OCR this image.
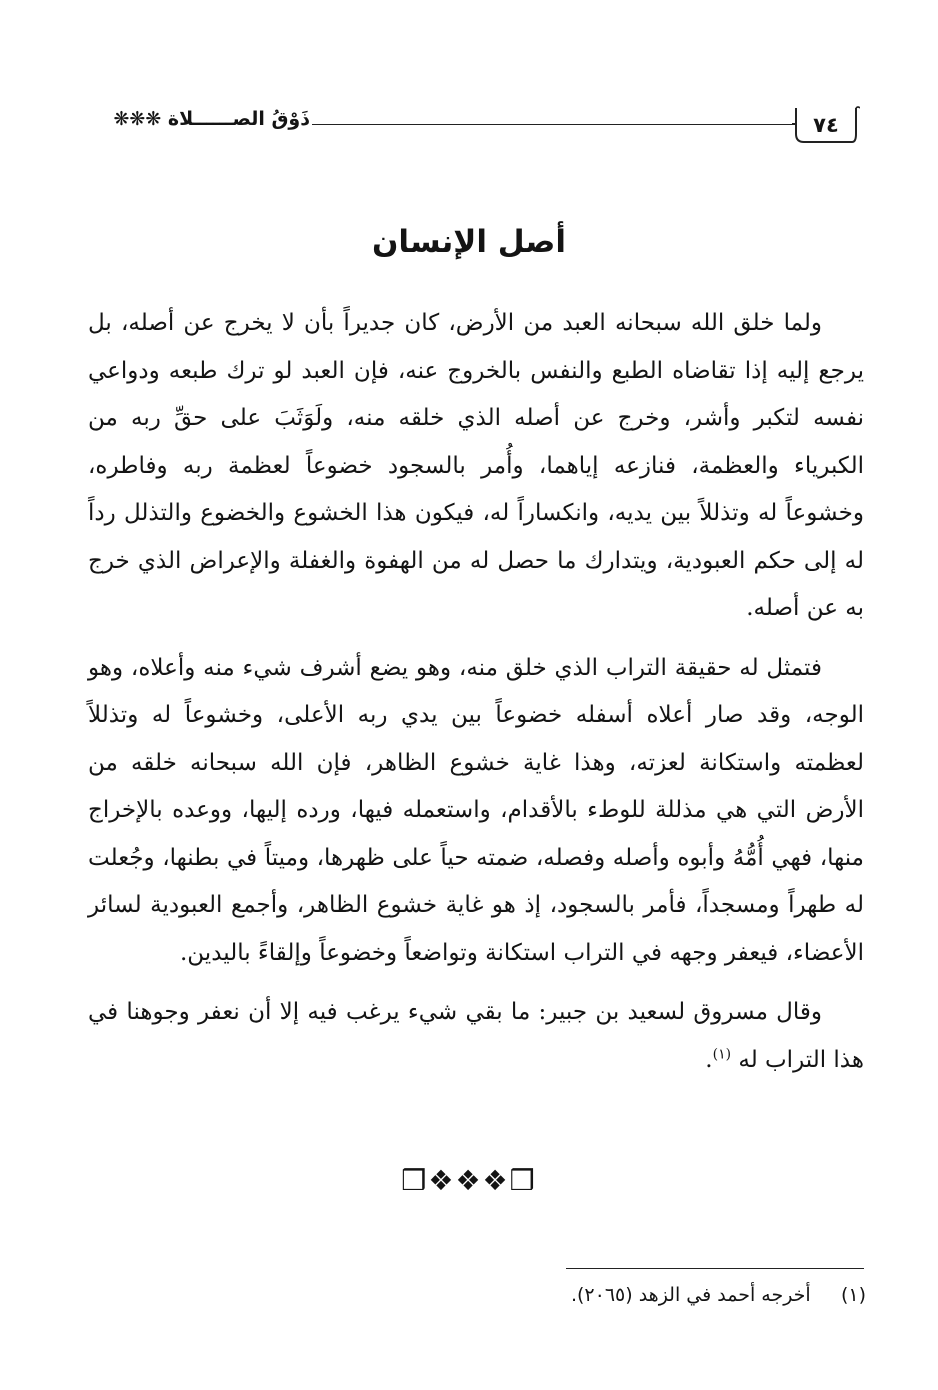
ذَوْقُ الصــــــلاة ❋❋❋	٧٤
أصل الإنسان

ولما خلق الله سبحانه العبد من الأرض، كان جديراً بأن لا يخرج عن أصله، بل يرجع إليه إذا تقاضاه الطبع والنفس بالخروج عنه، فإن العبد لو ترك طبعه ودواعي نفسه لتكبر وأشر، وخرج عن أصله الذي خلقه منه، ولَوَثَبَ على حقِّ ربه من الكبرياء والعظمة، فنازعه إياهما، وأُمر بالسجود خضوعاً لعظمة ربه وفاطره، وخشوعاً له وتذللاً بين يديه، وانكساراً له، فيكون هذا الخشوع والخضوع والتذلل رداً له إلى حكم العبودية، ويتدارك ما حصل له من الهفوة والغفلة والإعراض الذي خرج به عن أصله.

فتمثل له حقيقة التراب الذي خلق منه، وهو يضع أشرف شيء منه وأعلاه، وهو الوجه، وقد صار أعلاه أسفله خضوعاً بين يدي ربه الأعلى، وخشوعاً له وتذللاً لعظمته واستكانة لعزته، وهذا غاية خشوع الظاهر، فإن الله سبحانه خلقه من الأرض التي هي مذللة للوطء بالأقدام، واستعمله فيها، ورده إليها، ووعده بالإخراج منها، فهي أُمُّهُ وأبوه وأصله وفصله، ضمته حياً على ظهرها، وميتاً في بطنها، وجُعلت له طهراً ومسجداً، فأمر بالسجود، إذ هو غاية خشوع الظاهر، وأجمع العبودية لسائر الأعضاء، فيعفر وجهه في التراب استكانة وتواضعاً وخضوعاً وإلقاءً باليدين.

وقال مسروق لسعيد بن جبير: ما بقي شيء يرغب فيه إلا أن نعفر وجوهنا في هذا التراب له $^{(١)}$.

❒❖❖❖❒
(١)     أخرجه أحمد في الزهد (٢٠٦٥).
